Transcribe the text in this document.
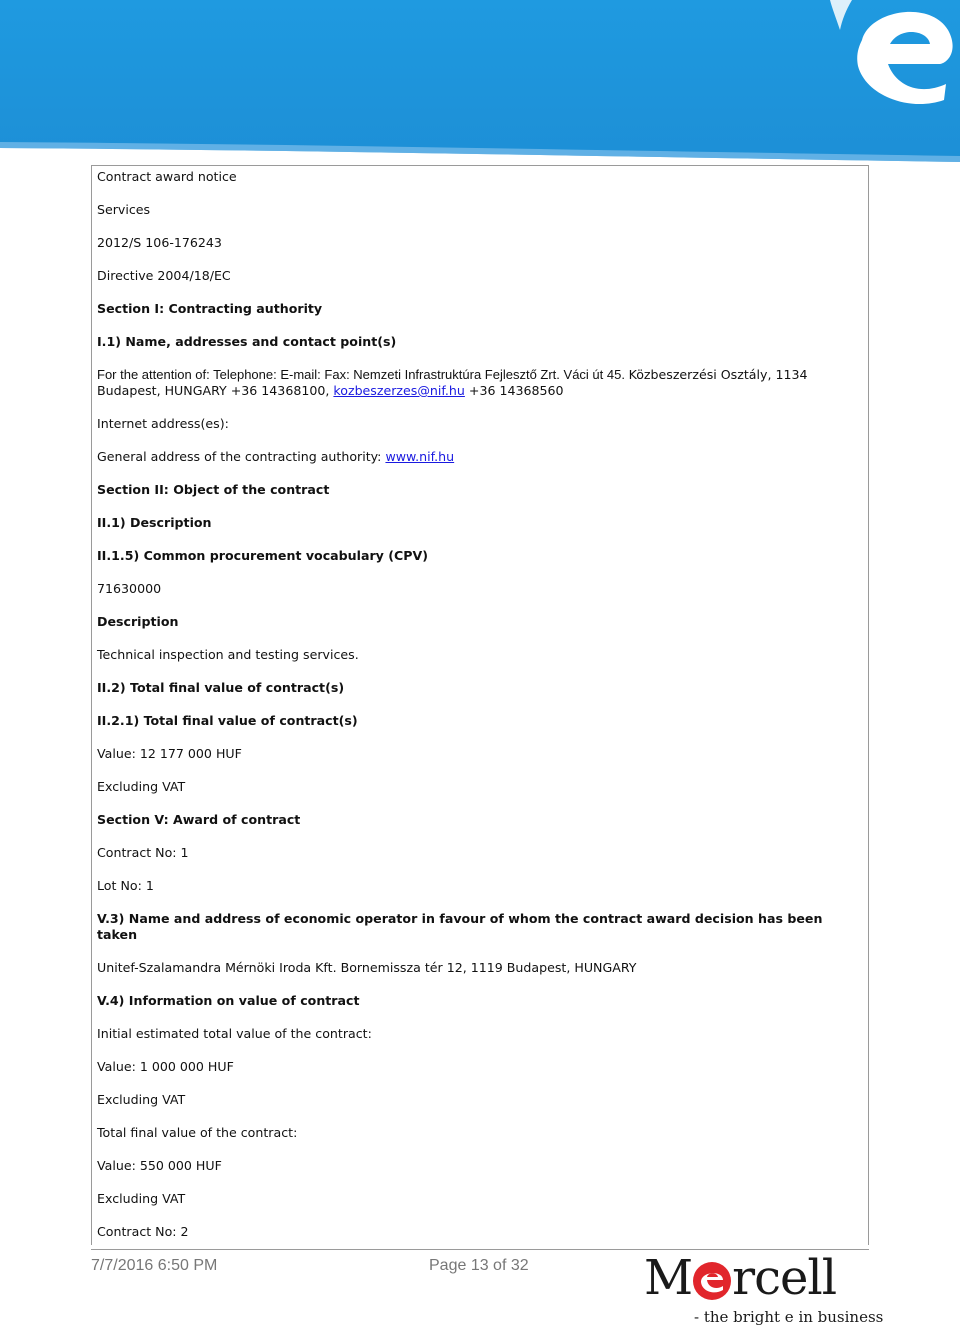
Contract award notice

Services

2012/S 106-176243

Directive 2004/18/EC

Section I: Contracting authority

I.1) Name, addresses and contact point(s)

For the attention of: Telephone: E-mail: Fax: Nemzeti Infrastruktúra Fejlesztő Zrt. Váci út 45. Közbeszerzési Osztály, 1134 Budapest, HUNGARY +36 14368100, kozbeszerzes@nif.hu +36 14368560

Internet address(es):

General address of the contracting authority: www.nif.hu

Section II: Object of the contract

II.1) Description

II.1.5) Common procurement vocabulary (CPV)

71630000

Description

Technical inspection and testing services.

II.2) Total final value of contract(s)

II.2.1) Total final value of contract(s)

Value: 12 177 000 HUF

Excluding VAT

Section V: Award of contract

Contract No: 1

Lot No: 1

V.3) Name and address of economic operator in favour of whom the contract award decision has been taken

Unitef-Szalamandra Mérnöki Iroda Kft. Bornemissza tér 12, 1119 Budapest, HUNGARY

V.4) Information on value of contract

Initial estimated total value of the contract:

Value: 1 000 000 HUF

Excluding VAT

Total final value of the contract:

Value: 550 000 HUF

Excluding VAT

Contract No: 2

7/7/2016 6:50 PM	Page 13 of 32 M rcell
- the bright e in business
